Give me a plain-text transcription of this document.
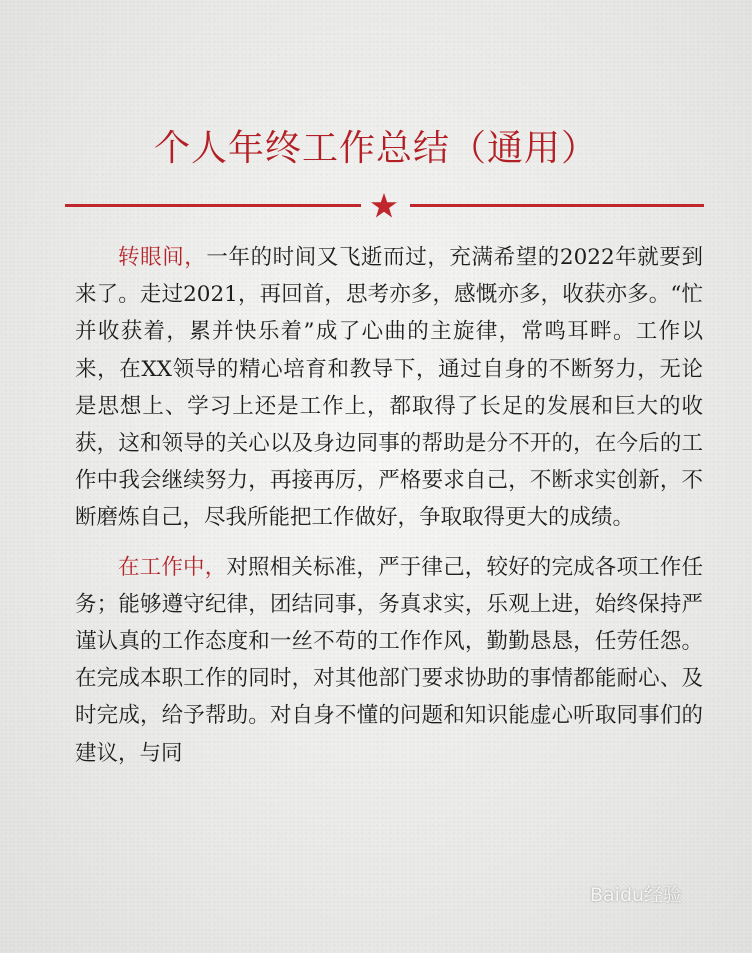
个人年终工作总结（通用）

转眼间，一年的时间又飞逝而过，充满希望的2022年就要到来了。走过2021，再回首，思考亦多，感慨亦多，收获亦多。“忙并收获着，累并快乐着”成了心曲的主旋律，常鸣耳畔。工作以来，在XX领导的精心培育和教导下，通过自身的不断努力，无论是思想上、学习上还是工作上，都取得了长足的发展和巨大的收获，这和领导的关心以及身边同事的帮助是分不开的，在今后的工作中我会继续努力，再接再厉，严格要求自己，不断求实创新，不断磨炼自己，尽我所能把工作做好，争取取得更大的成绩。

在工作中，对照相关标准，严于律己，较好的完成各项工作任务；能够遵守纪律，团结同事，务真求实，乐观上进，始终保持严谨认真的工作态度和一丝不苟的工作作风，勤勤恳恳，任劳任怨。在完成本职工作的同时，对其他部门要求协助的事情都能耐心、及时完成，给予帮助。对自身不懂的问题和知识能虚心听取同事们的建议，与同

Baidu经验
